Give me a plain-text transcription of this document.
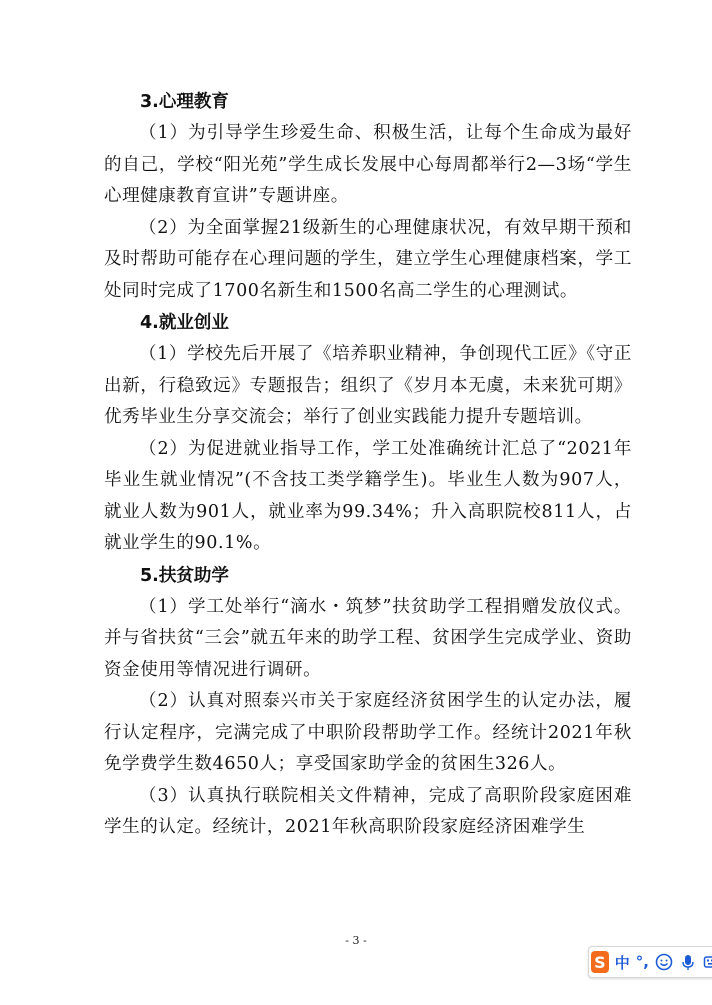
3.心理教育

（1）为引导学生珍爱生命、积极生活，让每个生命成为最好的自己，学校“阳光苑”学生成长发展中心每周都举行2—3场“学生心理健康教育宣讲”专题讲座。

（2）为全面掌握21级新生的心理健康状况，有效早期干预和及时帮助可能存在心理问题的学生，建立学生心理健康档案，学工处同时完成了1700名新生和1500名高二学生的心理测试。

4.就业创业

（1）学校先后开展了《培养职业精神，争创现代工匠》《守正出新，行稳致远》专题报告；组织了《岁月本无虞，未来犹可期》优秀毕业生分享交流会；举行了创业实践能力提升专题培训。

（2）为促进就业指导工作，学工处准确统计汇总了“2021年毕业生就业情况”(不含技工类学籍学生)。毕业生人数为907人，就业人数为901人，就业率为99.34%；升入高职院校811人，占就业学生的90.1%。

5.扶贫助学

（1）学工处举行“滴水・筑梦”扶贫助学工程捐赠发放仪式。并与省扶贫“三会”就五年来的助学工程、贫困学生完成学业、资助资金使用等情况进行调研。

（2）认真对照泰兴市关于家庭经济贫困学生的认定办法，履行认定程序，完满完成了中职阶段帮助学工作。经统计2021年秋免学费学生数4650人；享受国家助学金的贫困生326人。

（3）认真执行联院相关文件精神，完成了高职阶段家庭困难学生的认定。经统计，2021年秋高职阶段家庭经济困难学生

- 3 -
S 中 °,
